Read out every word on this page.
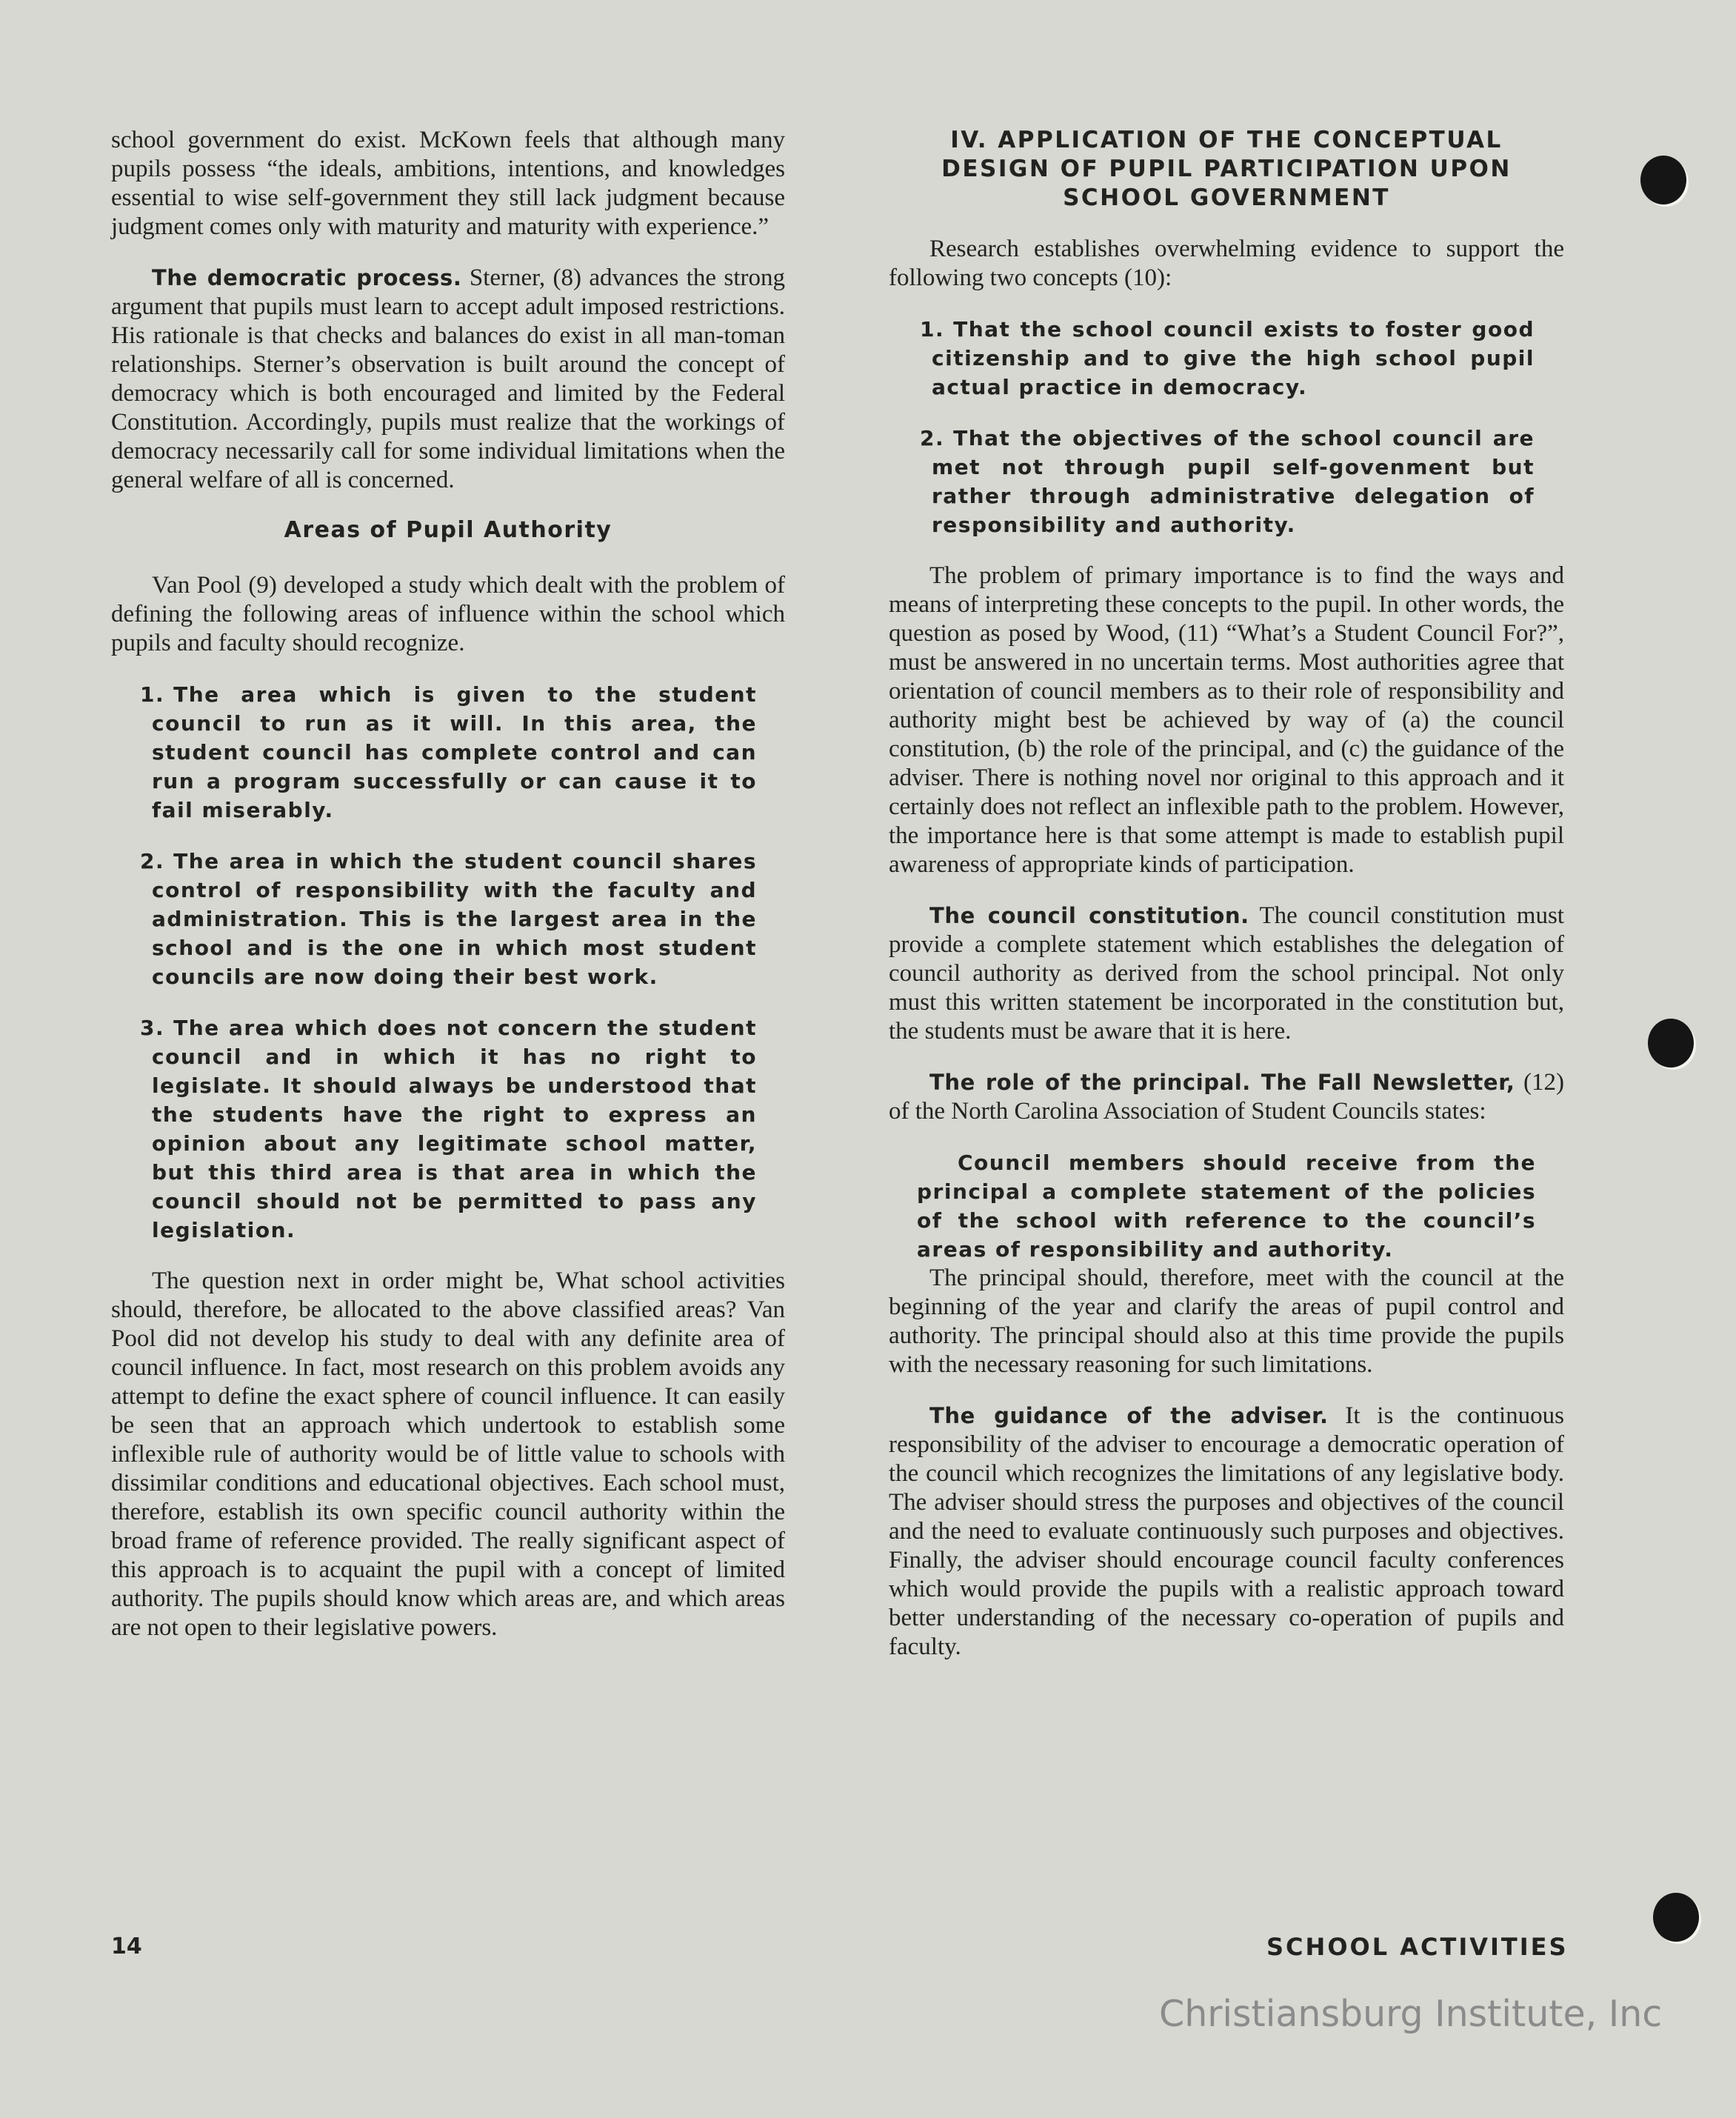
school government do exist. McKown feels that although many pupils possess “the ideals, ambitions, intentions, and knowledges essential to wise self-government they still lack judgment because judgment comes only with maturity and maturity with experience.”

The democratic process. Sterner, (8) advances the strong argument that pupils must learn to accept adult imposed restrictions. His rationale is that checks and balances do exist in all man-toman relationships. Sterner’s observation is built around the concept of democracy which is both encouraged and limited by the Federal Constitution. Accordingly, pupils must realize that the workings of democracy necessarily call for some individual limitations when the general welfare of all is concerned.

Areas of Pupil Authority

Van Pool (9) developed a study which dealt with the problem of defining the following areas of influence within the school which pupils and faculty should recognize.

1. The area which is given to the student council to run as it will. In this area, the student council has complete control and can run a program successfully or can cause it to fail miserably.
2. The area in which the student council shares control of responsibility with the faculty and administration. This is the largest area in the school and is the one in which most student councils are now doing their best work.
3. The area which does not concern the student council and in which it has no right to legislate. It should always be understood that the students have the right to express an opinion about any legitimate school matter, but this third area is that area in which the council should not be permitted to pass any legislation.

The question next in order might be, What school activities should, therefore, be allocated to the above classified areas? Van Pool did not develop his study to deal with any definite area of council influence. In fact, most research on this problem avoids any attempt to define the exact sphere of council influence. It can easily be seen that an approach which undertook to establish some inflexible rule of authority would be of little value to schools with dissimilar conditions and educational objectives. Each school must, therefore, establish its own specific council authority within the broad frame of reference provided. The really significant aspect of this approach is to acquaint the pupil with a concept of limited authority. The pupils should know which areas are, and which areas are not open to their legislative powers.

IV. APPLICATION OF THE CONCEPTUAL
DESIGN OF PUPIL PARTICIPATION UPON
SCHOOL GOVERNMENT

Research establishes overwhelming evidence to support the following two concepts (10):

1. That the school council exists to foster good citizenship and to give the high school pupil actual practice in democracy.
2. That the objectives of the school council are met not through pupil self-govenment but rather through administrative delegation of responsibility and authority.

The problem of primary importance is to find the ways and means of interpreting these concepts to the pupil. In other words, the question as posed by Wood, (11) “What’s a Student Council For?”, must be answered in no uncertain terms. Most authorities agree that orientation of council members as to their role of responsibility and authority might best be achieved by way of (a) the council constitution, (b) the role of the principal, and (c) the guidance of the adviser. There is nothing novel nor original to this approach and it certainly does not reflect an inflexible path to the problem. However, the importance here is that some attempt is made to establish pupil awareness of appropriate kinds of participation.

The council constitution. The council constitution must provide a complete statement which establishes the delegation of council authority as derived from the school principal. Not only must this written statement be incorporated in the constitution but, the students must be aware that it is here.

The role of the principal. The Fall Newsletter, (12) of the North Carolina Association of Student Councils states:

Council members should receive from the principal a complete statement of the policies of the school with reference to the council’s areas of responsibility and authority.

The principal should, therefore, meet with the council at the beginning of the year and clarify the areas of pupil control and authority. The principal should also at this time provide the pupils with the necessary reasoning for such limitations.

The guidance of the adviser. It is the continuous responsibility of the adviser to encourage a democratic operation of the council which recognizes the limitations of any legislative body. The adviser should stress the purposes and objectives of the council and the need to evaluate continuously such purposes and objectives. Finally, the adviser should encourage council faculty conferences which would provide the pupils with a realistic approach toward better understanding of the necessary co-operation of pupils and faculty.

14	SCHOOL ACTIVITIES
Christiansburg Institute, Inc
